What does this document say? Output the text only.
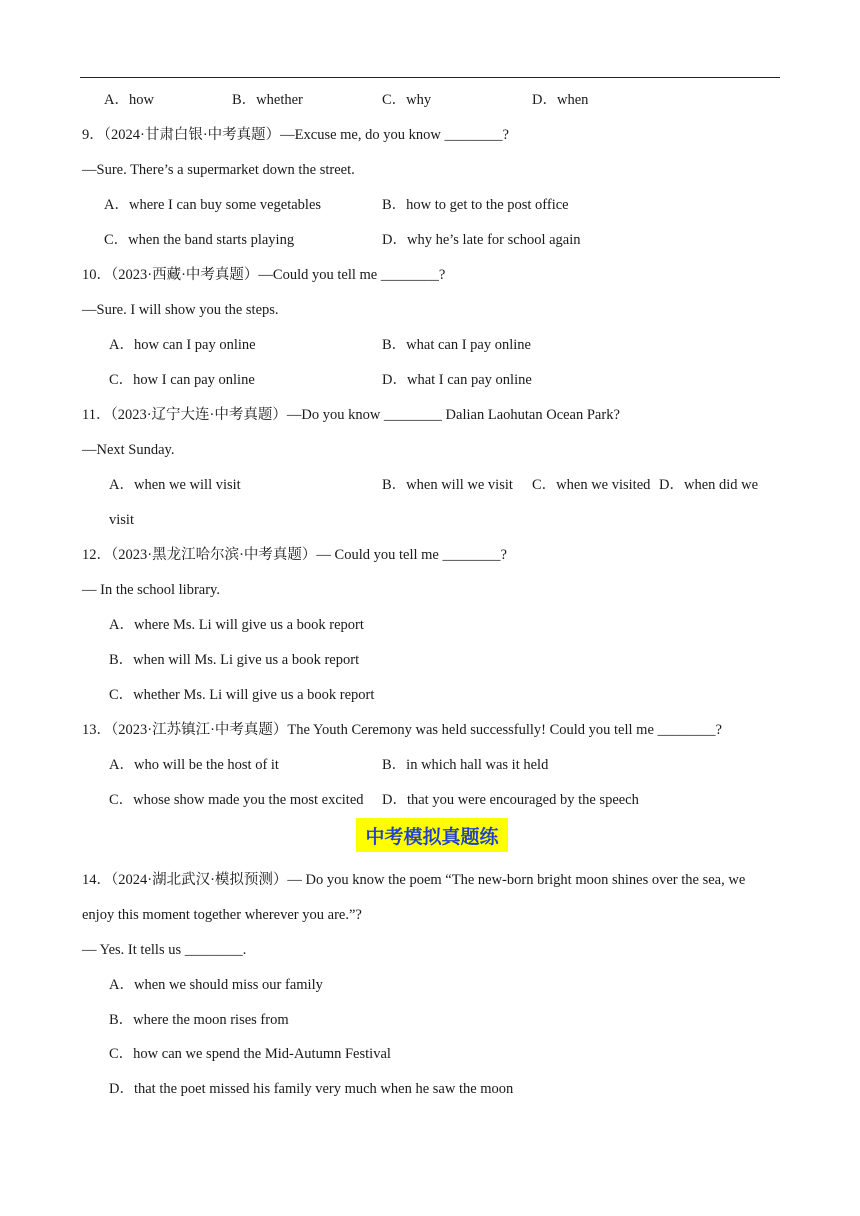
A．how	B．whether	C．why	D．when
9．（2024·甘肃白银·中考真题）—Excuse me, do you know ________?
—Sure. There’s a supermarket down the street.
A．where I can buy some vegetables	B．how to get to the post office
C．when the band starts playing	D．why he’s late for school again
10．（2023·西藏·中考真题）—Could you tell me ________?
—Sure. I will show you the steps.
A．how can I pay online	B．what can I pay online
C．how I can pay online	D．what I can pay online
11．（2023·辽宁大连·中考真题）—Do you know ________ Dalian Laohutan Ocean Park?
—Next Sunday.
A．when we will visit	B．when will we visit C．when we visited D．when did we
visit
12．（2023·黑龙江哈尔滨·中考真题）— Could you tell me ________?
— In the school library.
A．where Ms. Li will give us a book report
B．when will Ms. Li give us a book report
C．whether Ms. Li will give us a book report
13．（2023·江苏镇江·中考真题）The Youth Ceremony was held successfully! Could you tell me ________?
A．who will be the host of it	B．in which hall was it held
C．whose show made you the most excited D．that you were encouraged by the speech
中考模拟真题练
14．（2024·湖北武汉·模拟预测）— Do you know the poem “The new-born bright moon shines over the sea, we
enjoy this moment together wherever you are.”?
— Yes. It tells us ________.
A．when we should miss our family
B．where the moon rises from
C．how can we spend the Mid-Autumn Festival
D．that the poet missed his family very much when he saw the moon
